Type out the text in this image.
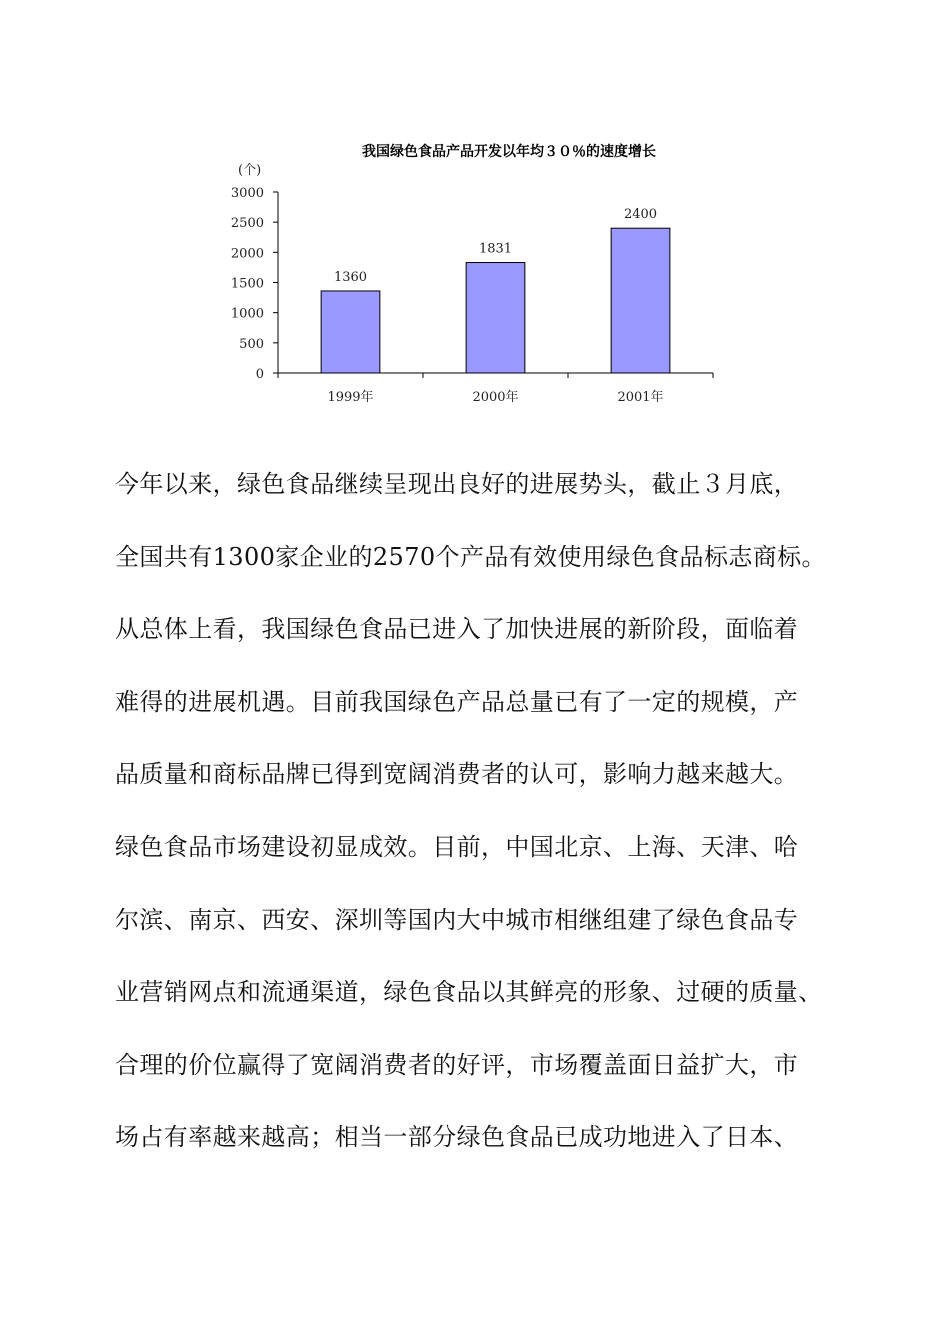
我国绿色食品产品开发以年均３０％的速度增长
(个)
0
500
1000
1500
2000
2500
3000
1360
1999年
1831
2000年
2400
2001年
今年以来，绿色食品继续呈现出良好的进展势头，截止３月底，
全国共有1300家企业的2570个产品有效使用绿色食品标志商标。
从总体上看，我国绿色食品已进入了加快进展的新阶段，面临着
难得的进展机遇。目前我国绿色产品总量已有了一定的规模，产
品质量和商标品牌已得到宽阔消费者的认可，影响力越来越大。
绿色食品市场建设初显成效。目前，中国北京、上海、天津、哈
尔滨、南京、西安、深圳等国内大中城市相继组建了绿色食品专
业营销网点和流通渠道，绿色食品以其鲜亮的形象、过硬的质量、
合理的价位赢得了宽阔消费者的好评，市场覆盖面日益扩大，市
场占有率越来越高；相当一部分绿色食品已成功地进入了日本、
